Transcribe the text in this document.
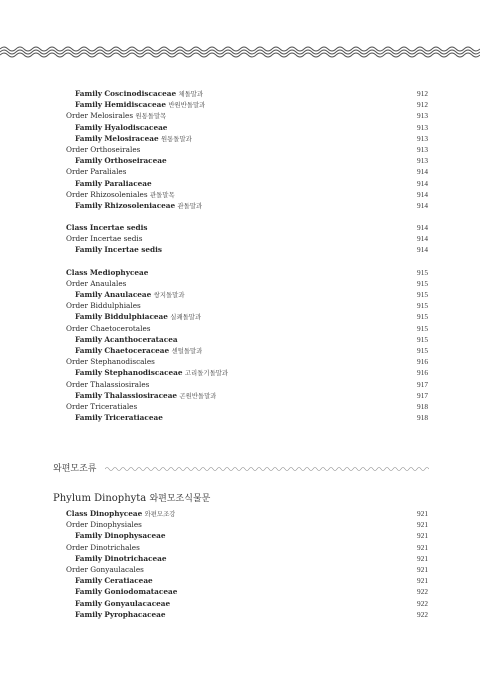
Family Coscinodiscaceae 체돌말과	912
Family Hemidiscaceae 반원반돌말과	912
Order Melosirales 원통돌말목	913
Family Hyalodiscaceae	913
Family Melosiraceae 원통돌말과	913
Order Orthoseirales	913
Family Orthoseiraceae	913
Order Paraliales	914
Family Paraliaceae	914
Order Rhizosoleniales 관돌말목	914
Family Rhizosoleniaceae 관돌말과	914
Class Incertae sedis	914
Order Incertae sedis	914
Family Incertae sedis	914
Class Mediophyceae	915
Order Anaulales	915
Family Anaulaceae 쌍지돌말과	915
Order Biddulphiales	915
Family Biddulphiaceae 실쾌돌말과	915
Order Chaetocerotales	915
Family Acanthoceratacea	915
Family Chaetoceraceae 센털돌말과	915
Order Stephanodiscales	916
Family Stephanodiscaceae 고리돌기돌말과	916
Order Thalassiosirales	917
Family Thalassiosiraceae 곤원반돌말과	917
Order Triceratiales	918
Family Triceratiaceae	918
와편모조류
Phylum Dinophyta 와편모조식물문
Class Dinophyceae 와편모조강	921
Order Dinophysiales	921
Family Dinophysaceae	921
Order Dinotrichales	921
Family Dinotrichaceae	921
Order Gonyaulacales	921
Family Ceratiaceae	921
Family Goniodomataceae	922
Family Gonyaulacaceae	922
Family Pyrophacaceae	922
